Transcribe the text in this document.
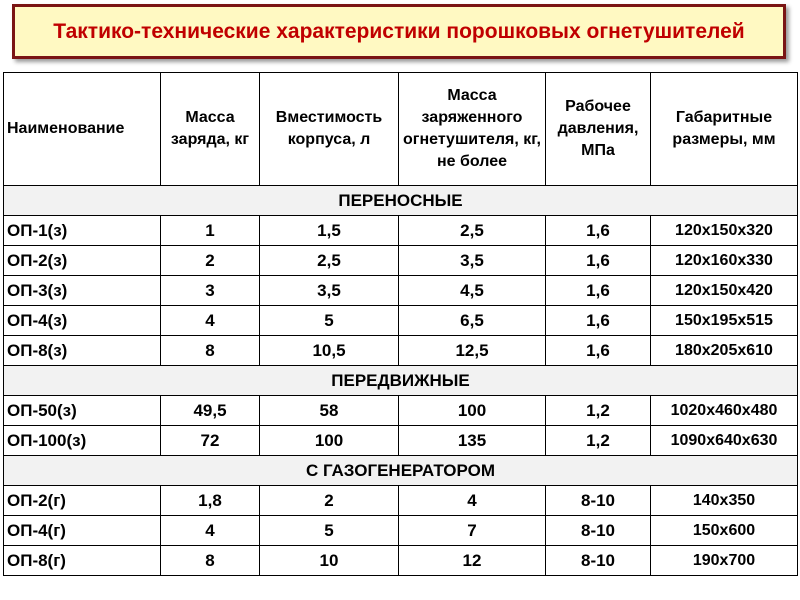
Тактико-технические характеристики порошковых огнетушителей
Наименование	Масса заряда, кг	Вместимость корпуса, л	Масса заряженного огнетушителя, кг, не более	Рабочее давления, МПа	Габаритные размеры, мм
ПЕРЕНОСНЫЕ					
ОП-1(з)	1	1,5	2,5	1,6	120х150х320
ОП-2(з)	2	2,5	3,5	1,6	120х160х330
ОП-3(з)	3	3,5	4,5	1,6	120х150х420
ОП-4(з)	4	5	6,5	1,6	150х195х515
ОП-8(з)	8	10,5	12,5	1,6	180х205х610
ПЕРЕДВИЖНЫЕ					
ОП-50(з)	49,5	58	100	1,2	1020х460х480
ОП-100(з)	72	100	135	1,2	1090х640х630
С ГАЗОГЕНЕРАТОРОМ					
ОП-2(г)	1,8	2	4	8-10	140х350
ОП-4(г)	4	5	7	8-10	150х600
ОП-8(г)	8	10	12	8-10	190х700
